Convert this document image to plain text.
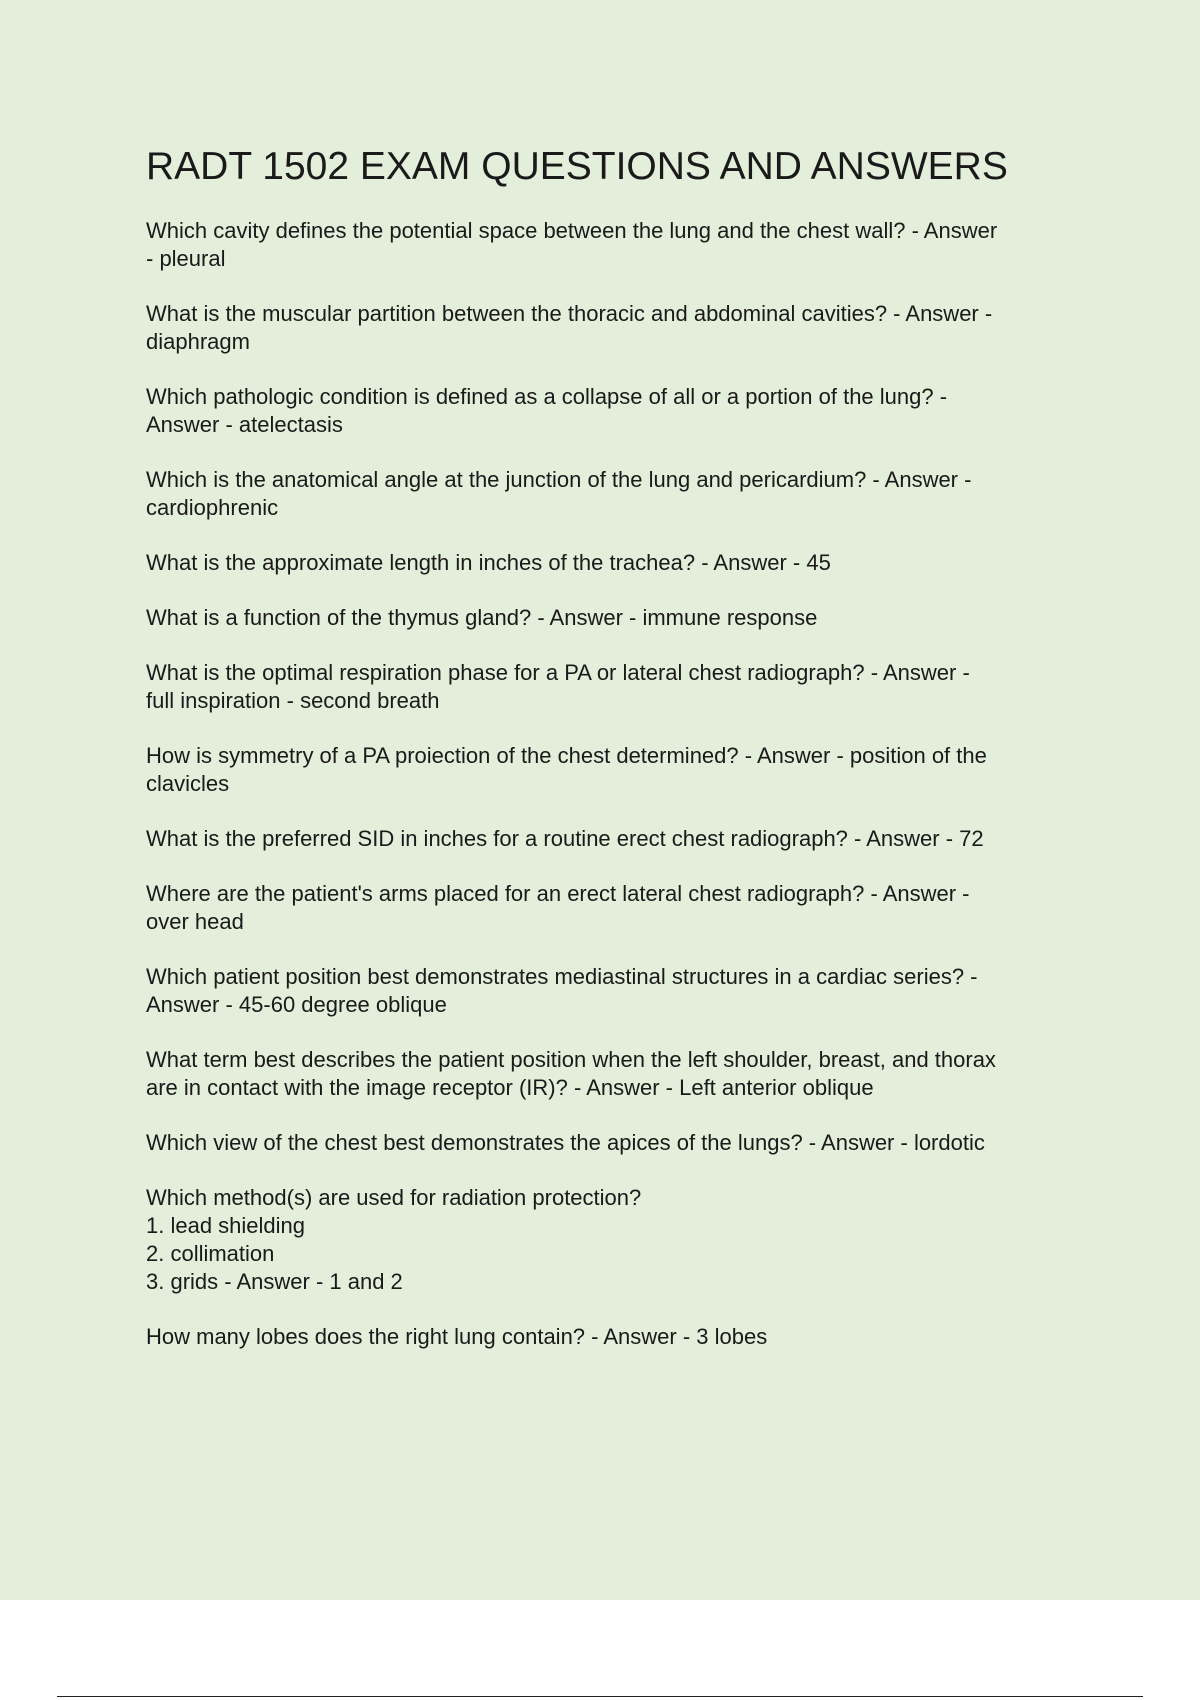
RADT 1502 EXAM QUESTIONS AND ANSWERS

Which cavity defines the potential space between the lung and the chest wall? - Answer
- pleural

What is the muscular partition between the thoracic and abdominal cavities? - Answer -
diaphragm

Which pathologic condition is defined as a collapse of all or a portion of the lung? -
Answer - atelectasis

Which is the anatomical angle at the junction of the lung and pericardium? - Answer -
cardiophrenic

What is the approximate length in inches of the trachea? - Answer - 45

What is a function of the thymus gland? - Answer - immune response

What is the optimal respiration phase for a PA or lateral chest radiograph? - Answer -
full inspiration - second breath

How is symmetry of a PA proiection of the chest determined? - Answer - position of the
clavicles

What is the preferred SID in inches for a routine erect chest radiograph? - Answer - 72

Where are the patient's arms placed for an erect lateral chest radiograph? - Answer -
over head

Which patient position best demonstrates mediastinal structures in a cardiac series? -
Answer - 45-60 degree oblique

What term best describes the patient position when the left shoulder, breast, and thorax
are in contact with the image receptor (IR)? - Answer - Left anterior oblique

Which view of the chest best demonstrates the apices of the lungs? - Answer - lordotic

Which method(s) are used for radiation protection?
1. lead shielding
2. collimation
3. grids - Answer - 1 and 2

How many lobes does the right lung contain? - Answer - 3 lobes
